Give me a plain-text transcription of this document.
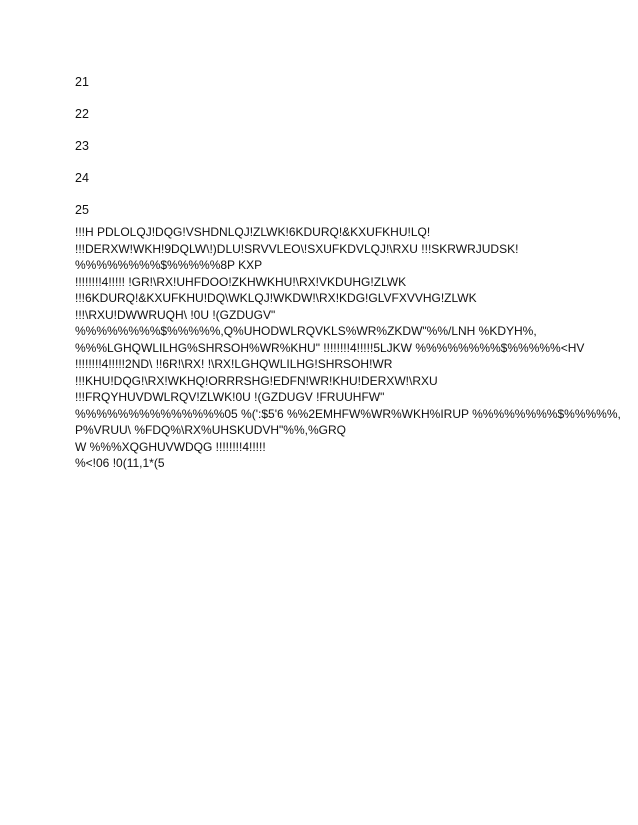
21
22
23
24
25
!!!H PDLOLQJ!DQG!VSHDNLQJ!ZLWK!6KDURQ!&KXUFKHU!LQ!
!!!DERXW!WKH!9DQLW\!)DLU!SRVVLEO\!SXUFKDVLQJ!\RXU !!!SKRWRJUDSK!
%%%%%%%%$%%%%%8P KXP
!!!!!!!!4!!!!! !GR!\RX!UHFDOO!ZKHWKHU!\RX!VKDUHG!ZLWK
!!!6KDURQ!&KXUFKHU!DQ\WKLQJ!WKDW!\RX!KDG!GLVFXVVHG!ZLWK
!!!\RXU!DWWRUQH\ !0U !(GZDUGV"
%%%%%%%%$%%%%%,Q%UHODWLRQVKLS%WR%ZKDW"%%/LNH %KDYH%,
%%%LGHQWLILHG%SHRSOH%WR%KHU" !!!!!!!!4!!!!!5LJKW %%%%%%%%$%%%%%<HV
!!!!!!!!4!!!!!2ND\ !!6R!\RX! !\RX!LGHQWLILHG!SHRSOH!WR
!!!KHU!DQG!\RX!WKHQ!ORRRSHG!EDFN!WR!KHU!DERXW!\RXU
!!!FRQYHUVDWLRQV!ZLWK!0U !(GZDUGV !FRUUHFW"
%%%%%%%%%%%%%%05 %(':$5'6 %%2EMHFW%WR%WKH%IRUP %%%%%%%%$%%%%%,
P%VRUU\ %FDQ%\RX%UHSKUDVH"%%,%GRQ
W %%%XQGHUVWDQG !!!!!!!!4!!!!!
%<!06 !0(11,1*(5
